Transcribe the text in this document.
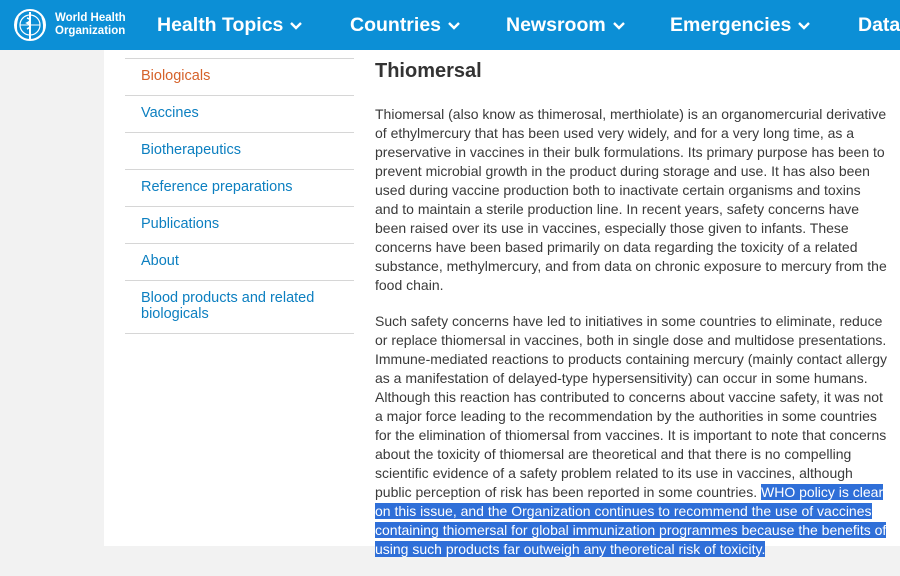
World Health
Organization Health Topics	Countries	Newsroom	Emergencies	Data
Biologicals
Vaccines
Biotherapeutics
Reference preparations
Publications
About
Blood products and related biologicals
Thiomersal

Thiomersal (also know as thimerosal, merthiolate) is an organomercurial derivative of ethylmercury that has been used very widely, and for a very long time, as a preservative in vaccines in their bulk formulations. Its primary purpose has been to prevent microbial growth in the product during storage and use. It has also been used during vaccine production both to inactivate certain organisms and toxins and to maintain a sterile production line. In recent years, safety concerns have been raised over its use in vaccines, especially those given to infants. These concerns have been based primarily on data regarding the toxicity of a related substance, methylmercury, and from data on chronic exposure to mercury from the food chain.

Such safety concerns have led to initiatives in some countries to eliminate, reduce or replace thiomersal in vaccines, both in single dose and multidose presentations. Immune-mediated reactions to products containing mercury (mainly contact allergy as a manifestation of delayed-type hypersensitivity) can occur in some humans. Although this reaction has contributed to concerns about vaccine safety, it was not a major force leading to the recommendation by the authorities in some countries for the elimination of thiomersal from vaccines. It is important to note that concerns about the toxicity of thiomersal are theoretical and that there is no compelling scientific evidence of a safety problem related to its use in vaccines, although public perception of risk has been reported in some countries. WHO policy is clear on this issue, and the Organization continues to recommend the use of vaccines containing thiomersal for global immunization programmes because the benefits of using such products far outweigh any theoretical risk of toxicity.
